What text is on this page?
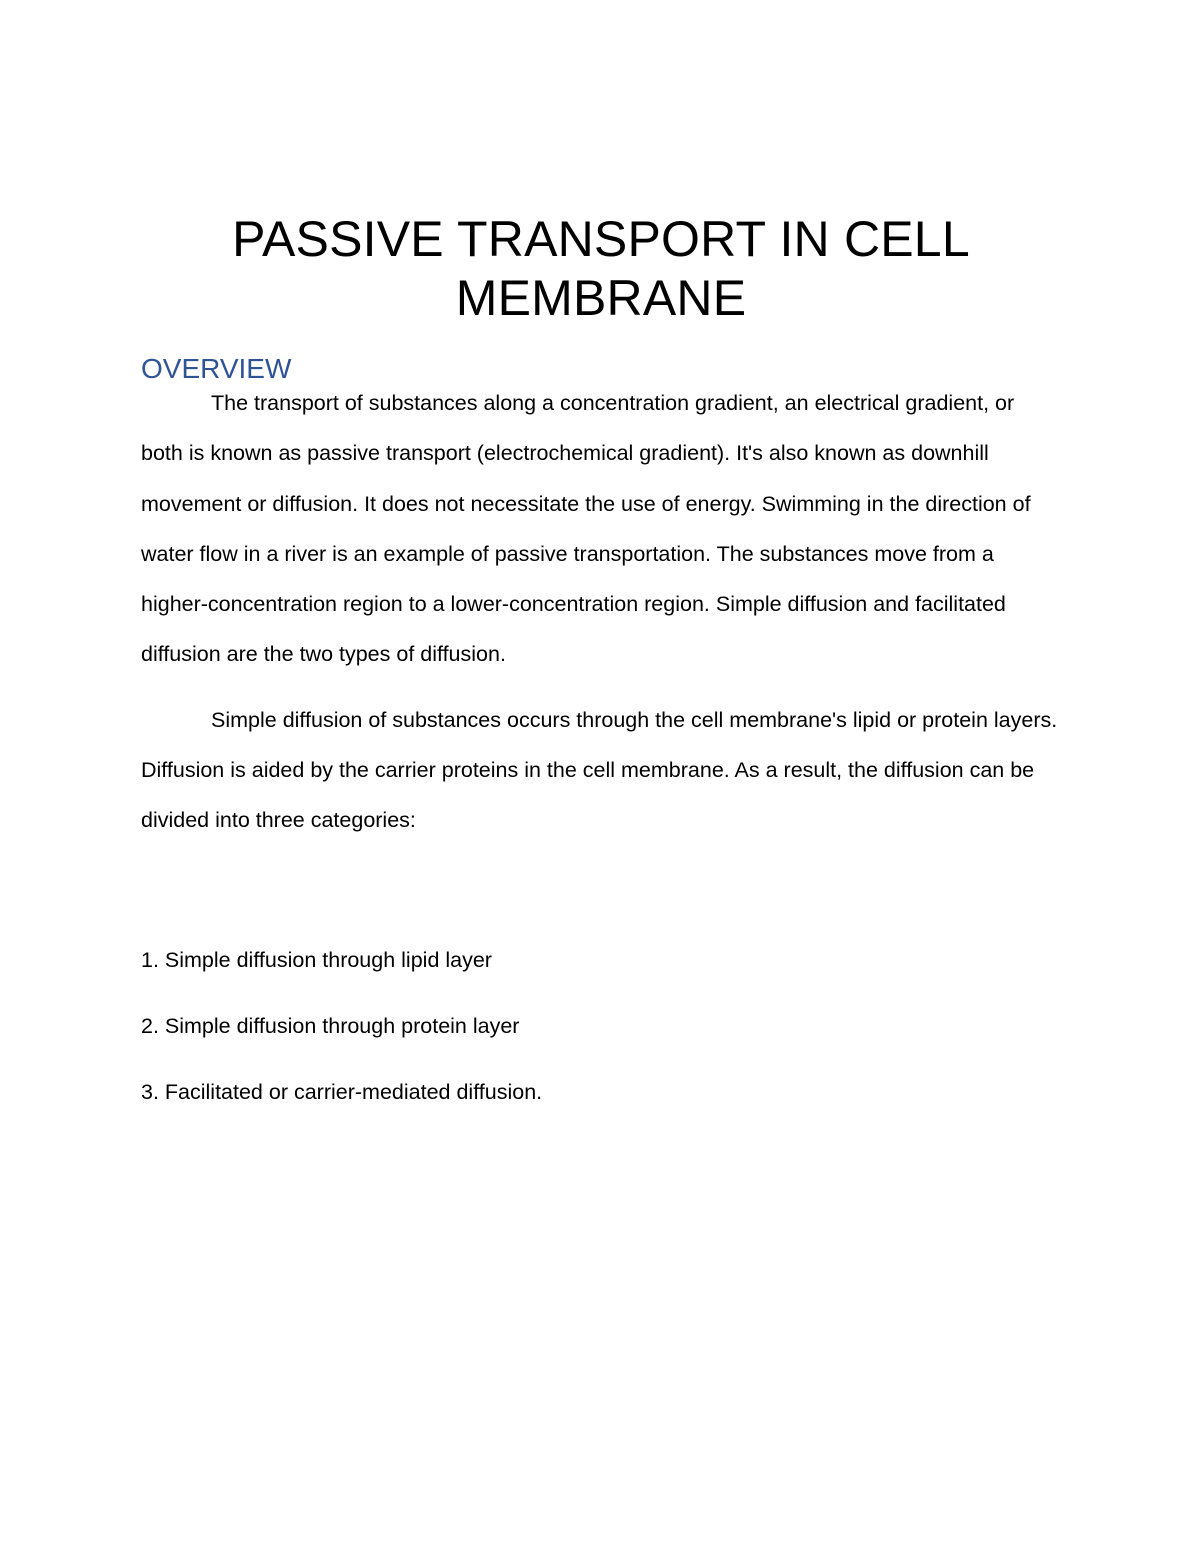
PASSIVE TRANSPORT IN CELL MEMBRANE
OVERVIEW

The transport of substances along a concentration gradient, an electrical gradient, or both is known as passive transport (electrochemical gradient). It's also known as downhill movement or diffusion. It does not necessitate the use of energy. Swimming in the direction of water flow in a river is an example of passive transportation. The substances move from a higher-concentration region to a lower-concentration region. Simple diffusion and facilitated diffusion are the two types of diffusion.

Simple diffusion of substances occurs through the cell membrane's lipid or protein layers. Diffusion is aided by the carrier proteins in the cell membrane. As a result, the diffusion can be divided into three categories:

1. Simple diffusion through lipid layer
2. Simple diffusion through protein layer
3. Facilitated or carrier-mediated diffusion.
